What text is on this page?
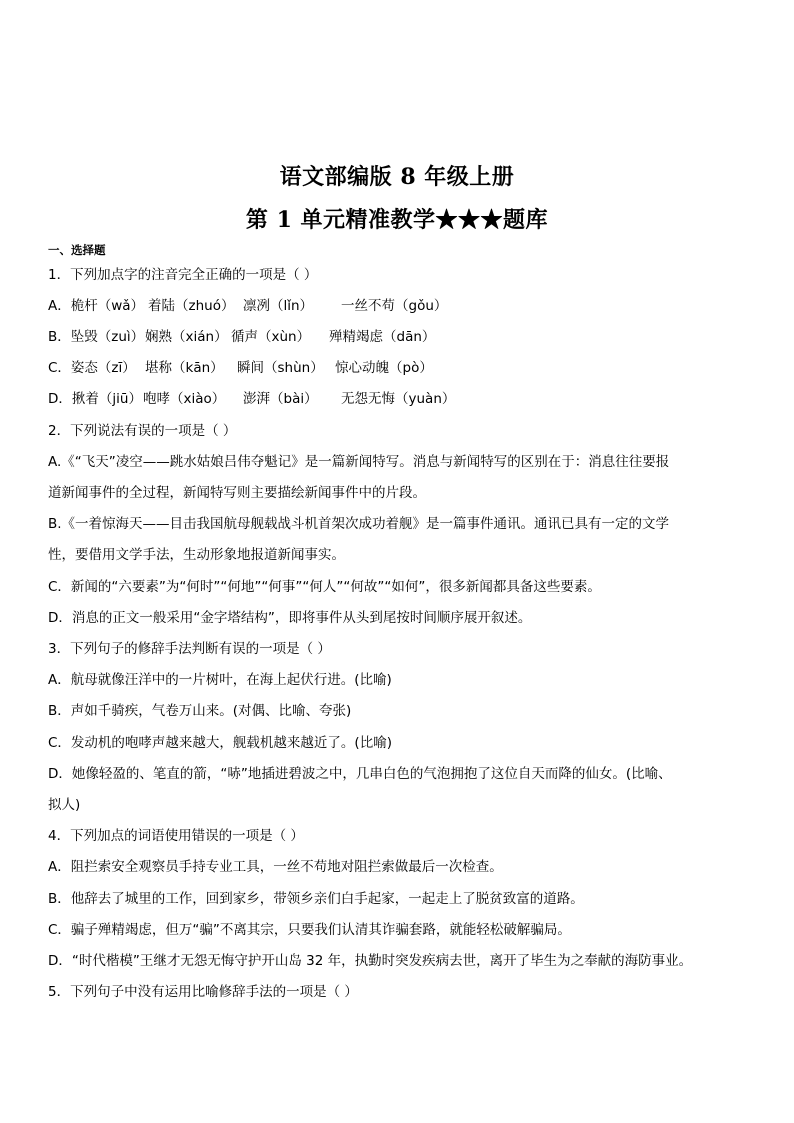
语文部编版 8 年级上册
第 1 单元精准教学★★★题库
一、选择题
1．下列加点字的注音完全正确的一项是（ ）
A．桅杆（wǎ） 着陆（zhuó） 凛冽（lǐn） 一丝不苟（gǒu）
B．坠毁（zuì）娴熟（xián） 循声（xùn） 殚精竭虑（dān）
C．姿态（zī） 堪称（kān） 瞬间（shùn） 惊心动魄（pò）
D．揪着（jiū）咆哮（xiào） 澎湃（bài） 无怨无悔（yuàn）
2．下列说法有误的一项是（ ）
A.《“飞天”凌空——跳水姑娘吕伟夺魁记》是一篇新闻特写。消息与新闻特写的区别在于：消息往往要报
道新闻事件的全过程，新闻特写则主要描绘新闻事件中的片段。
B.《一着惊海天——目击我国航母舰载战斗机首架次成功着舰》是一篇事件通讯。通讯已具有一定的文学
性，要借用文学手法，生动形象地报道新闻事实。
C．新闻的“六要素”为“何时”“何地”“何事”“何人”“何故”“如何”，很多新闻都具备这些要素。
D．消息的正文一般采用“金字塔结构”，即将事件从头到尾按时间顺序展开叙述。
3．下列句子的修辞手法判断有误的一项是（ ）
A．航母就像汪洋中的一片树叶，在海上起伏行进。(比喻)
B．声如千骑疾，气卷万山来。(对偶、比喻、夸张)
C．发动机的咆哮声越来越大，舰载机越来越近了。(比喻)
D．她像轻盈的、笔直的箭，“哧”地插进碧波之中，几串白色的气泡拥抱了这位自天而降的仙女。(比喻、
拟人)
4．下列加点的词语使用错误的一项是（ ）
A．阻拦索安全观察员手持专业工具，一丝不苟地对阻拦索做最后一次检查。
B．他辞去了城里的工作，回到家乡，带领乡亲们白手起家，一起走上了脱贫致富的道路。
C．骗子殚精竭虑，但万“骗”不离其宗，只要我们认清其诈骗套路，就能轻松破解骗局。
D．“时代楷模”王继才无怨无悔守护开山岛 32 年，执勤时突发疾病去世，离开了毕生为之奉献的海防事业。
5．下列句子中没有运用比喻修辞手法的一项是（ ）
